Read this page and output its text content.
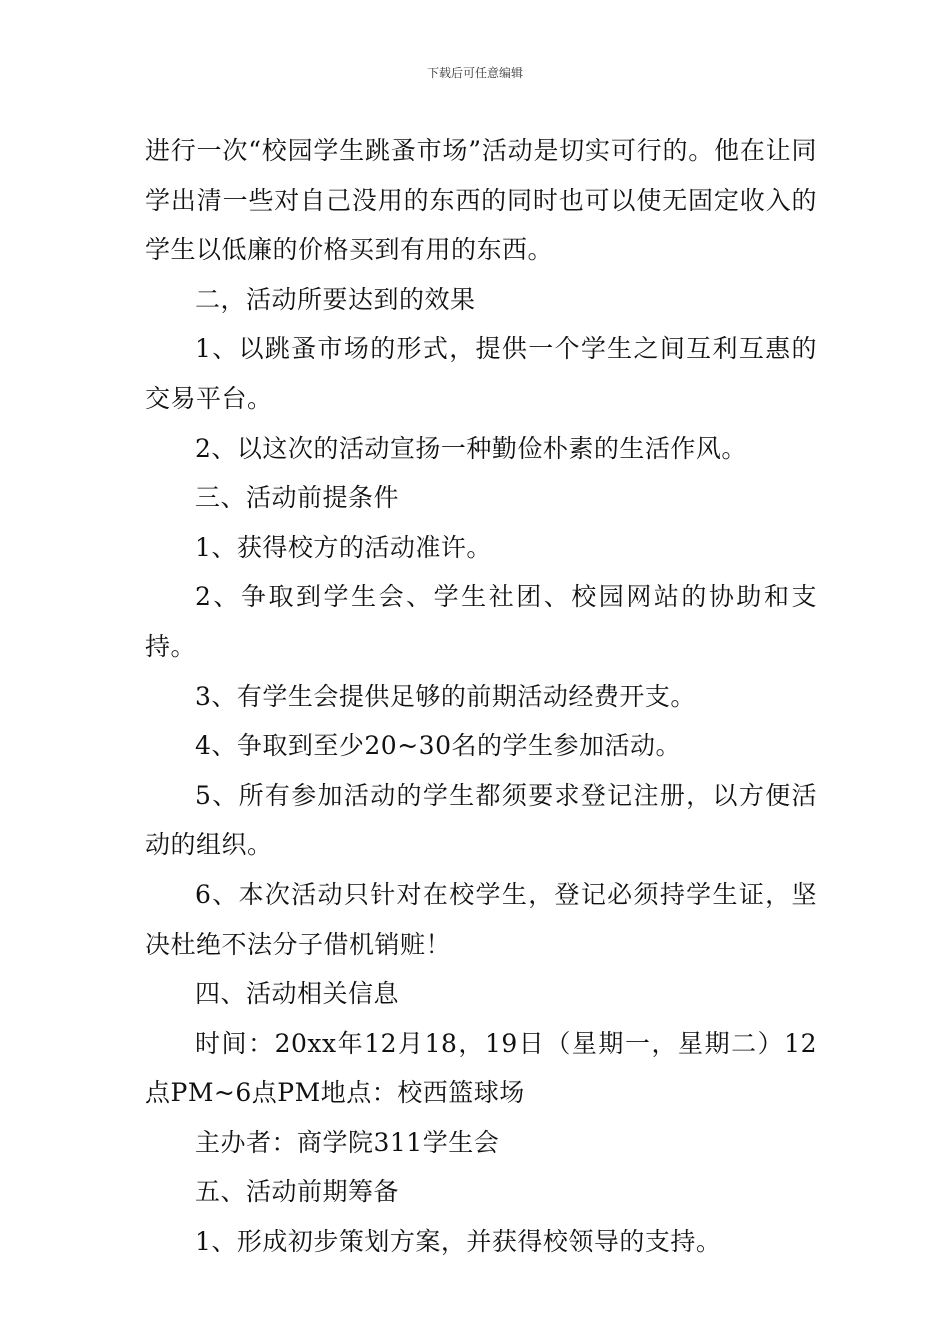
下载后可任意编辑

进行一次“校园学生跳蚤市场”活动是切实可行的。他在让同学出清一些对自己没用的东西的同时也可以使无固定收入的学生以低廉的价格买到有用的东西。

二，活动所要达到的效果

1、以跳蚤市场的形式，提供一个学生之间互利互惠的交易平台。

2、以这次的活动宣扬一种勤俭朴素的生活作风。

三、活动前提条件

1、获得校方的活动准许。

2、争取到学生会、学生社团、校园网站的协助和支持。

3、有学生会提供足够的前期活动经费开支。

4、争取到至少20~30名的学生参加活动。

5、所有参加活动的学生都须要求登记注册，以方便活动的组织。

6、本次活动只针对在校学生，登记必须持学生证，坚决杜绝不法分子借机销赃！

四、活动相关信息

时间：20xx年12月18，19日（星期一，星期二）12点PM~6点PM地点：校西篮球场

主办者：商学院311学生会

五、活动前期筹备

1、形成初步策划方案，并获得校领导的支持。
